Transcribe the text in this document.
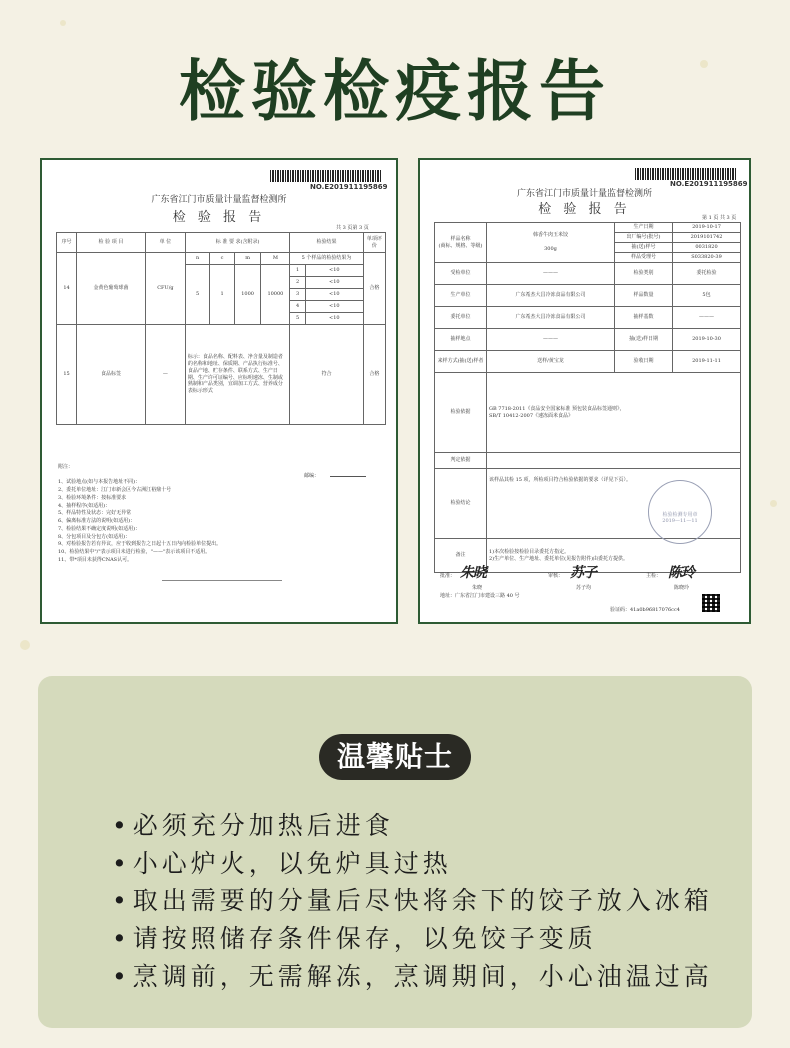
检验检疫报告
NO.E201911195869
广东省江门市质量计量监督检测所
检 验 报 告
共 3 页第 3 页
序号	检 验 项 目	单 位	标 准 要 求(含附录)				检验结果		单项评价
14	金黄色葡萄球菌	CFU/g	n	c	m	M	5 个样品的检验结果为		合格
			5	1	1000	10000	1	<10	
							2	<10	
							3	<10	
							4	<10	
							5	<10	
15	食品标签	—	标示：食品名称、配料表、净含量及制造者的名称和地址、保质期、产品执行标准号、食品产地、贮存条件、联系方式、生产日期、生产许可证编号、应标明速冻、生制或熟制和产品类别，宜调加工方式、营养成分表标示形式				符合		合格

附注：

1、试验地点(如与本报告地址不同)：
2、委托单位地址：江门市新会区今古洲江裕鼎十号
3、检验环境条件：按标准要求
4、抽样程序(如适用)：
5、样品特性及状态：完好无异常
6、偏离标准方法的说明(如适用)：
7、检验结果不确定度说明(如适用)：
8、分包项目及分包方(如适用)：
9、对检验报告若有异议，应于收到报告之日起十五日内向检验单位提出。
10、检验结果中"/"表示项目未进行检验，"——"表示该项目不适用。
11、带*项目未获得CNAS认可。

邮编：
NO.E201911195869
广东省江门市质量计量监督检测所
检 验 报 告
第 1 页 共 3 页
样品名称
(商标、规格、等级)	韩香牛肉玉米饺

300g	生产日期	2019-10-17
		出厂编号(批号)	2019101742
		抽(送)样号	0031820
		样品受理号	S033820-39
受检单位	———	检验类别	委托检验
生产单位	广东希杰大昌冷冻食品有限公司	样品数量	5包
委托单位	广东希杰大昌冷冻食品有限公司	抽样基数	———
抽样地点	———	抽(送)样日期	2019-10-30
来样方式(抽(送)样者	送样/黄宝龙	验收日期	2019-11-11
检验依据	GB 7718-2011《食品安全国家标准 预包装食品标签通则》，
SB/T 10412-2007《速冻面米食品》		
判定依据			
检验结论	该样品其检 15 项，所检项目符合检验依据的要求（详见下页）。		
备注	1)本次检验按检验目录委托方指定。
2)生产单位、生产地址、委托单位(见报告附件)由委托方提供。		
检验检测专用章
2019—11—11
批准： 朱晓
朱晓
审核： 苏子
苏子均
主检： 陈玲
陈晓玲
地址：广东省江门市建设三路 40 号
验证码：41a0b96817076cc4
温馨贴士
• 必须充分加热后进食
• 小心炉火，以免炉具过热
• 取出需要的分量后尽快将余下的饺子放入冰箱
• 请按照储存条件保存，以免饺子变质
• 烹调前，无需解冻，烹调期间，小心油温过高
